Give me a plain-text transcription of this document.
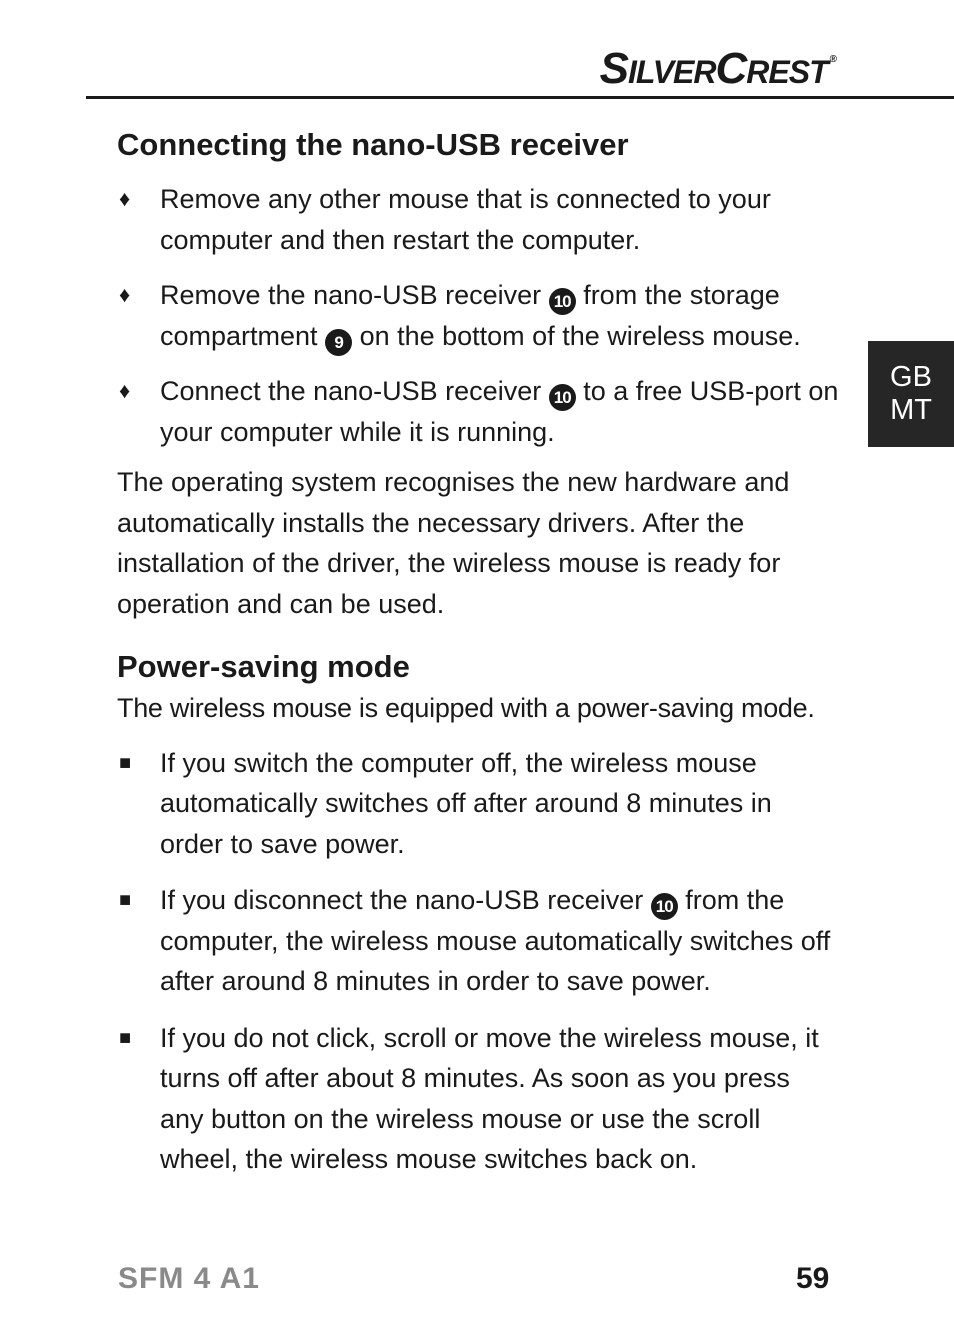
SILVERCREST ®
GB
MT
Connecting the nano-USB receiver
♦	Remove any other mouse that is connected to your computer and then restart the computer.
♦	Remove the nano-USB receiver 10 from the storage compartment 9 on the bottom of the wireless mouse.
♦	Connect the nano-USB receiver 10 to a free USB-port on your computer while it is running.

The operating system recognises the new hardware and automatically installs the necessary drivers. After the installation of the driver, the wireless mouse is ready for operation and can be used.

Power-saving mode

The wireless mouse is equipped with a power-saving mode.

■ If you switch the computer off, the wireless mouse automatically switches off after around 8 minutes in order to save power.
■ If you disconnect the nano-USB receiver 10 from the computer, the wireless mouse automatically switches off after around 8 minutes in order to save power.
■ If you do not click, scroll or move the wireless mouse, it turns off after about 8 minutes. As soon as you press any button on the wireless mouse or use the scroll wheel, the wireless mouse switches back on.
SFM 4 A1	59
